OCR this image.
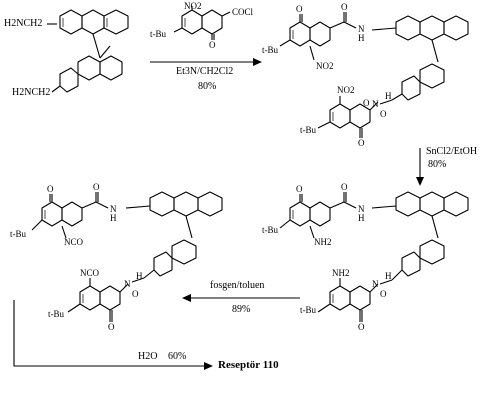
H2NCH2
H2NCH2
NO2
COCl
t-Bu
O
Et3N/CH2Cl2
80%
O	O
N
H
t-Bu
NO2
NO2
H
N
O
O
t-Bu
O
SnCl2/EtOH
80%
O	O
N
H
t-Bu
NH2
H
N
NH2
O
t-Bu
O
fosgen/toluen
89%
O	O
N
H
t-Bu
NCO
H
N
NCO
O
t-Bu
O
H2O 60%
Reseptör 110
